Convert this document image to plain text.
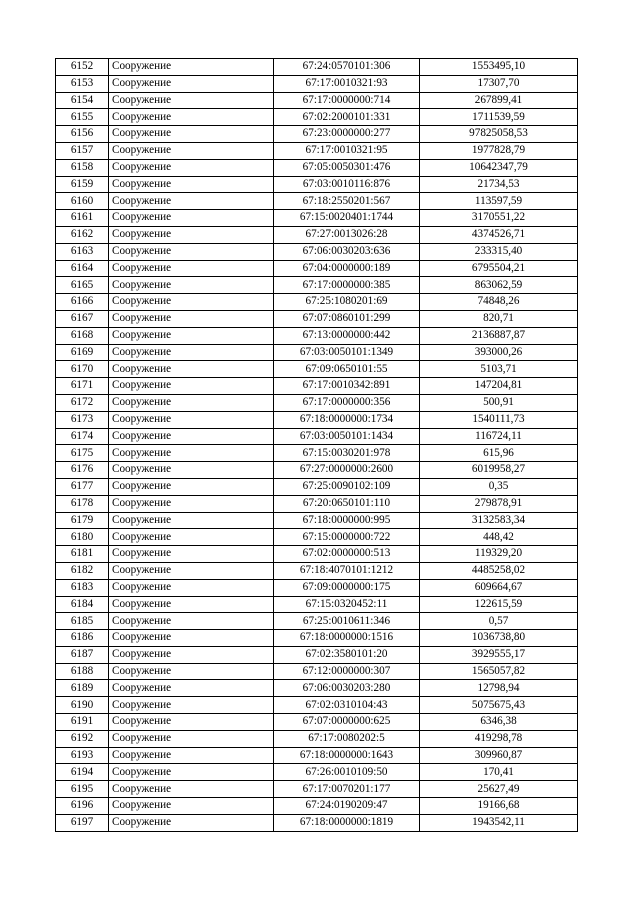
6152	Сооружение	67:24:0570101:306	1553495,10
6153	Сооружение	67:17:0010321:93	17307,70
6154	Сооружение	67:17:0000000:714	267899,41
6155	Сооружение	67:02:2000101:331	1711539,59
6156	Сооружение	67:23:0000000:277	97825058,53
6157	Сооружение	67:17:0010321:95	1977828,79
6158	Сооружение	67:05:0050301:476	10642347,79
6159	Сооружение	67:03:0010116:876	21734,53
6160	Сооружение	67:18:2550201:567	113597,59
6161	Сооружение	67:15:0020401:1744	3170551,22
6162	Сооружение	67:27:0013026:28	4374526,71
6163	Сооружение	67:06:0030203:636	233315,40
6164	Сооружение	67:04:0000000:189	6795504,21
6165	Сооружение	67:17:0000000:385	863062,59
6166	Сооружение	67:25:1080201:69	74848,26
6167	Сооружение	67:07:0860101:299	820,71
6168	Сооружение	67:13:0000000:442	2136887,87
6169	Сооружение	67:03:0050101:1349	393000,26
6170	Сооружение	67:09:0650101:55	5103,71
6171	Сооружение	67:17:0010342:891	147204,81
6172	Сооружение	67:17:0000000:356	500,91
6173	Сооружение	67:18:0000000:1734	1540111,73
6174	Сооружение	67:03:0050101:1434	116724,11
6175	Сооружение	67:15:0030201:978	615,96
6176	Сооружение	67:27:0000000:2600	6019958,27
6177	Сооружение	67:25:0090102:109	0,35
6178	Сооружение	67:20:0650101:110	279878,91
6179	Сооружение	67:18:0000000:995	3132583,34
6180	Сооружение	67:15:0000000:722	448,42
6181	Сооружение	67:02:0000000:513	119329,20
6182	Сооружение	67:18:4070101:1212	4485258,02
6183	Сооружение	67:09:0000000:175	609664,67
6184	Сооружение	67:15:0320452:11	122615,59
6185	Сооружение	67:25:0010611:346	0,57
6186	Сооружение	67:18:0000000:1516	1036738,80
6187	Сооружение	67:02:3580101:20	3929555,17
6188	Сооружение	67:12:0000000:307	1565057,82
6189	Сооружение	67:06:0030203:280	12798,94
6190	Сооружение	67:02:0310104:43	5075675,43
6191	Сооружение	67:07:0000000:625	6346,38
6192	Сооружение	67:17:0080202:5	419298,78
6193	Сооружение	67:18:0000000:1643	309960,87
6194	Сооружение	67:26:0010109:50	170,41
6195	Сооружение	67:17:0070201:177	25627,49
6196	Сооружение	67:24:0190209:47	19166,68
6197	Сооружение	67:18:0000000:1819	1943542,11
